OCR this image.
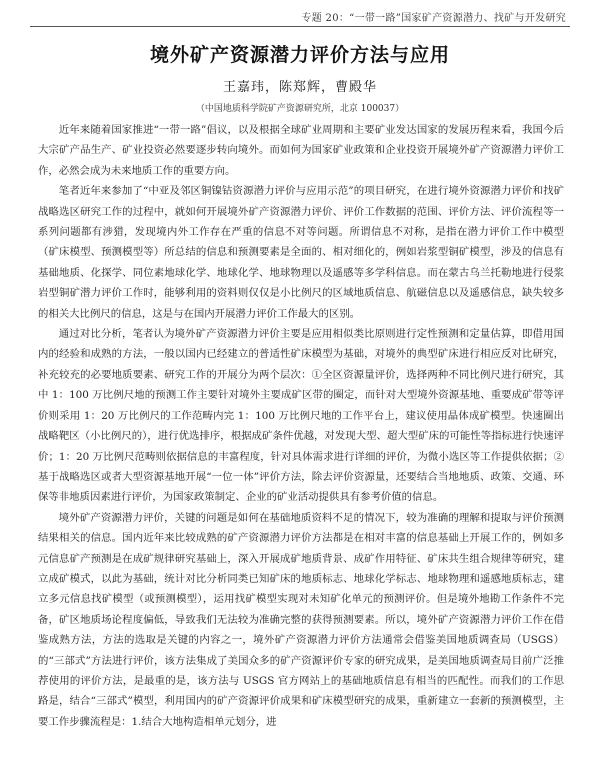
专题 20：“一带一路”国家矿产资源潜力、找矿与开发研究
境外矿产资源潜力评价方法与应用
王嘉玮，陈郑辉，曹殿华
（中国地质科学院矿产资源研究所，北京 100037）

近年来随着国家推进“一带一路”倡议，以及根据全球矿业周期和主要矿业发达国家的发展历程来看，我国今后大宗矿产品生产、矿业投资必然要逐步转向境外。而如何为国家矿业政策和企业投资开展境外矿产资源潜力评价工作，必然会成为未来地质工作的重要方向。

笔者近年来参加了“中亚及邻区铜镍钴资源潜力评价与应用示范”的项目研究，在进行境外资源潜力评价和找矿战略选区研究工作的过程中，就如何开展境外矿产资源潜力评价、评价工作数据的范围、评价方法、评价流程等一系列问题都有涉猎，发现境内外工作存在严重的信息不对等问题。所谓信息不对称，是指在潜力评价工作中模型（矿床模型、预测模型等）所总结的信息和预测要素是全面的、相对细化的，例如岩浆型铜矿模型，涉及的信息有基础地质、化探学、同位素地球化学、地球化学、地球物理以及遥感等多学科信息。而在蒙古乌兰托勒地进行侵浆岩型铜矿潜力评价工作时，能够利用的资料则仅仅是小比例尺的区域地质信息、航磁信息以及遥感信息，缺失较多的相关大比例尺的信息，这是与在国内开展潜力评价工作最大的区别。

通过对比分析，笔者认为境外矿产资源潜力评价主要是应用相似类比原则进行定性预测和定量估算，即借用国内的经验和成熟的方法，一般以国内已经建立的普适性矿床模型为基础，对境外的典型矿床进行相应反对比研究，补充较充的必要地质要素、研究工作的开展分为两个层次：①全区资源量评价，选择两种不同比例尺进行研究，其中 1：100 万比例尺地的预测工作主要针对境外主要成矿区带的圈定，而针对大型境外资源基地、重要成矿带等评价则采用 1：20 万比例尺的工作范畴内完 1：100 万比例尺地的工作平台上，建议使用晶体成矿模型。快速圈出战略靶区（小比例尺的），进行优选排序，根据成矿条件优越，对发现大型、超大型矿床的可能性等指标进行快速评价；1：20 万比例尺范畴则依据信息的丰富程度，针对具体需求进行详细的评价，为微小选区等工作提供依据；②基于战略选区或者大型资源基地开展“一位一体”评价方法，除去评价资源量，还要结合当地地质、政策、交通、环保等非地质因素进行评价，为国家政策制定、企业的矿业活动提供具有参考价值的信息。

境外矿产资源潜力评价，关键的问题是如何在基础地质资料不足的情况下，较为准确的理解和提取与评价预测结果相关的信息。国内近年来比较成熟的矿产资源潜力评价方法都是在相对丰富的信息基础上开展工作的，例如多元信息矿产预测是在成矿规律研究基础上，深入开展成矿地质背景、成矿作用特征、矿床共生组合规律等研究，建立成矿模式，以此为基础，统计对比分析同类已知矿床的地质标志、地球化学标志、地球物理和遥感地质标志，建立多元信息找矿模型（或预测模型），运用找矿模型实现对未知矿化单元的预测评价。但是境外地勘工作条件不完备，矿区地质场论程度偏低，导致我们无法较为准确完整的获得预测要素。所以，境外矿产资源潜力评价工作在借鉴成熟方法，方法的选取是关键的内容之一，境外矿产资源潜力评价方法通常会借鉴美国地质调查局（USGS）的“三部式”方法进行评价，该方法集成了美国众多的矿产资源评价专家的研究成果，是美国地质调查局目前广泛推荐使用的评价方法，是最重的是，该方法与 USGS 官方网站上的基础地质信息有相当的匹配性。而我们的工作思路是，结合“三部式”模型，利用国内的矿产资源评价成果和矿床模型研究的成果，重新建立一套新的预测模型，主要工作步骤流程是：1.结合大地构造相单元划分，进
